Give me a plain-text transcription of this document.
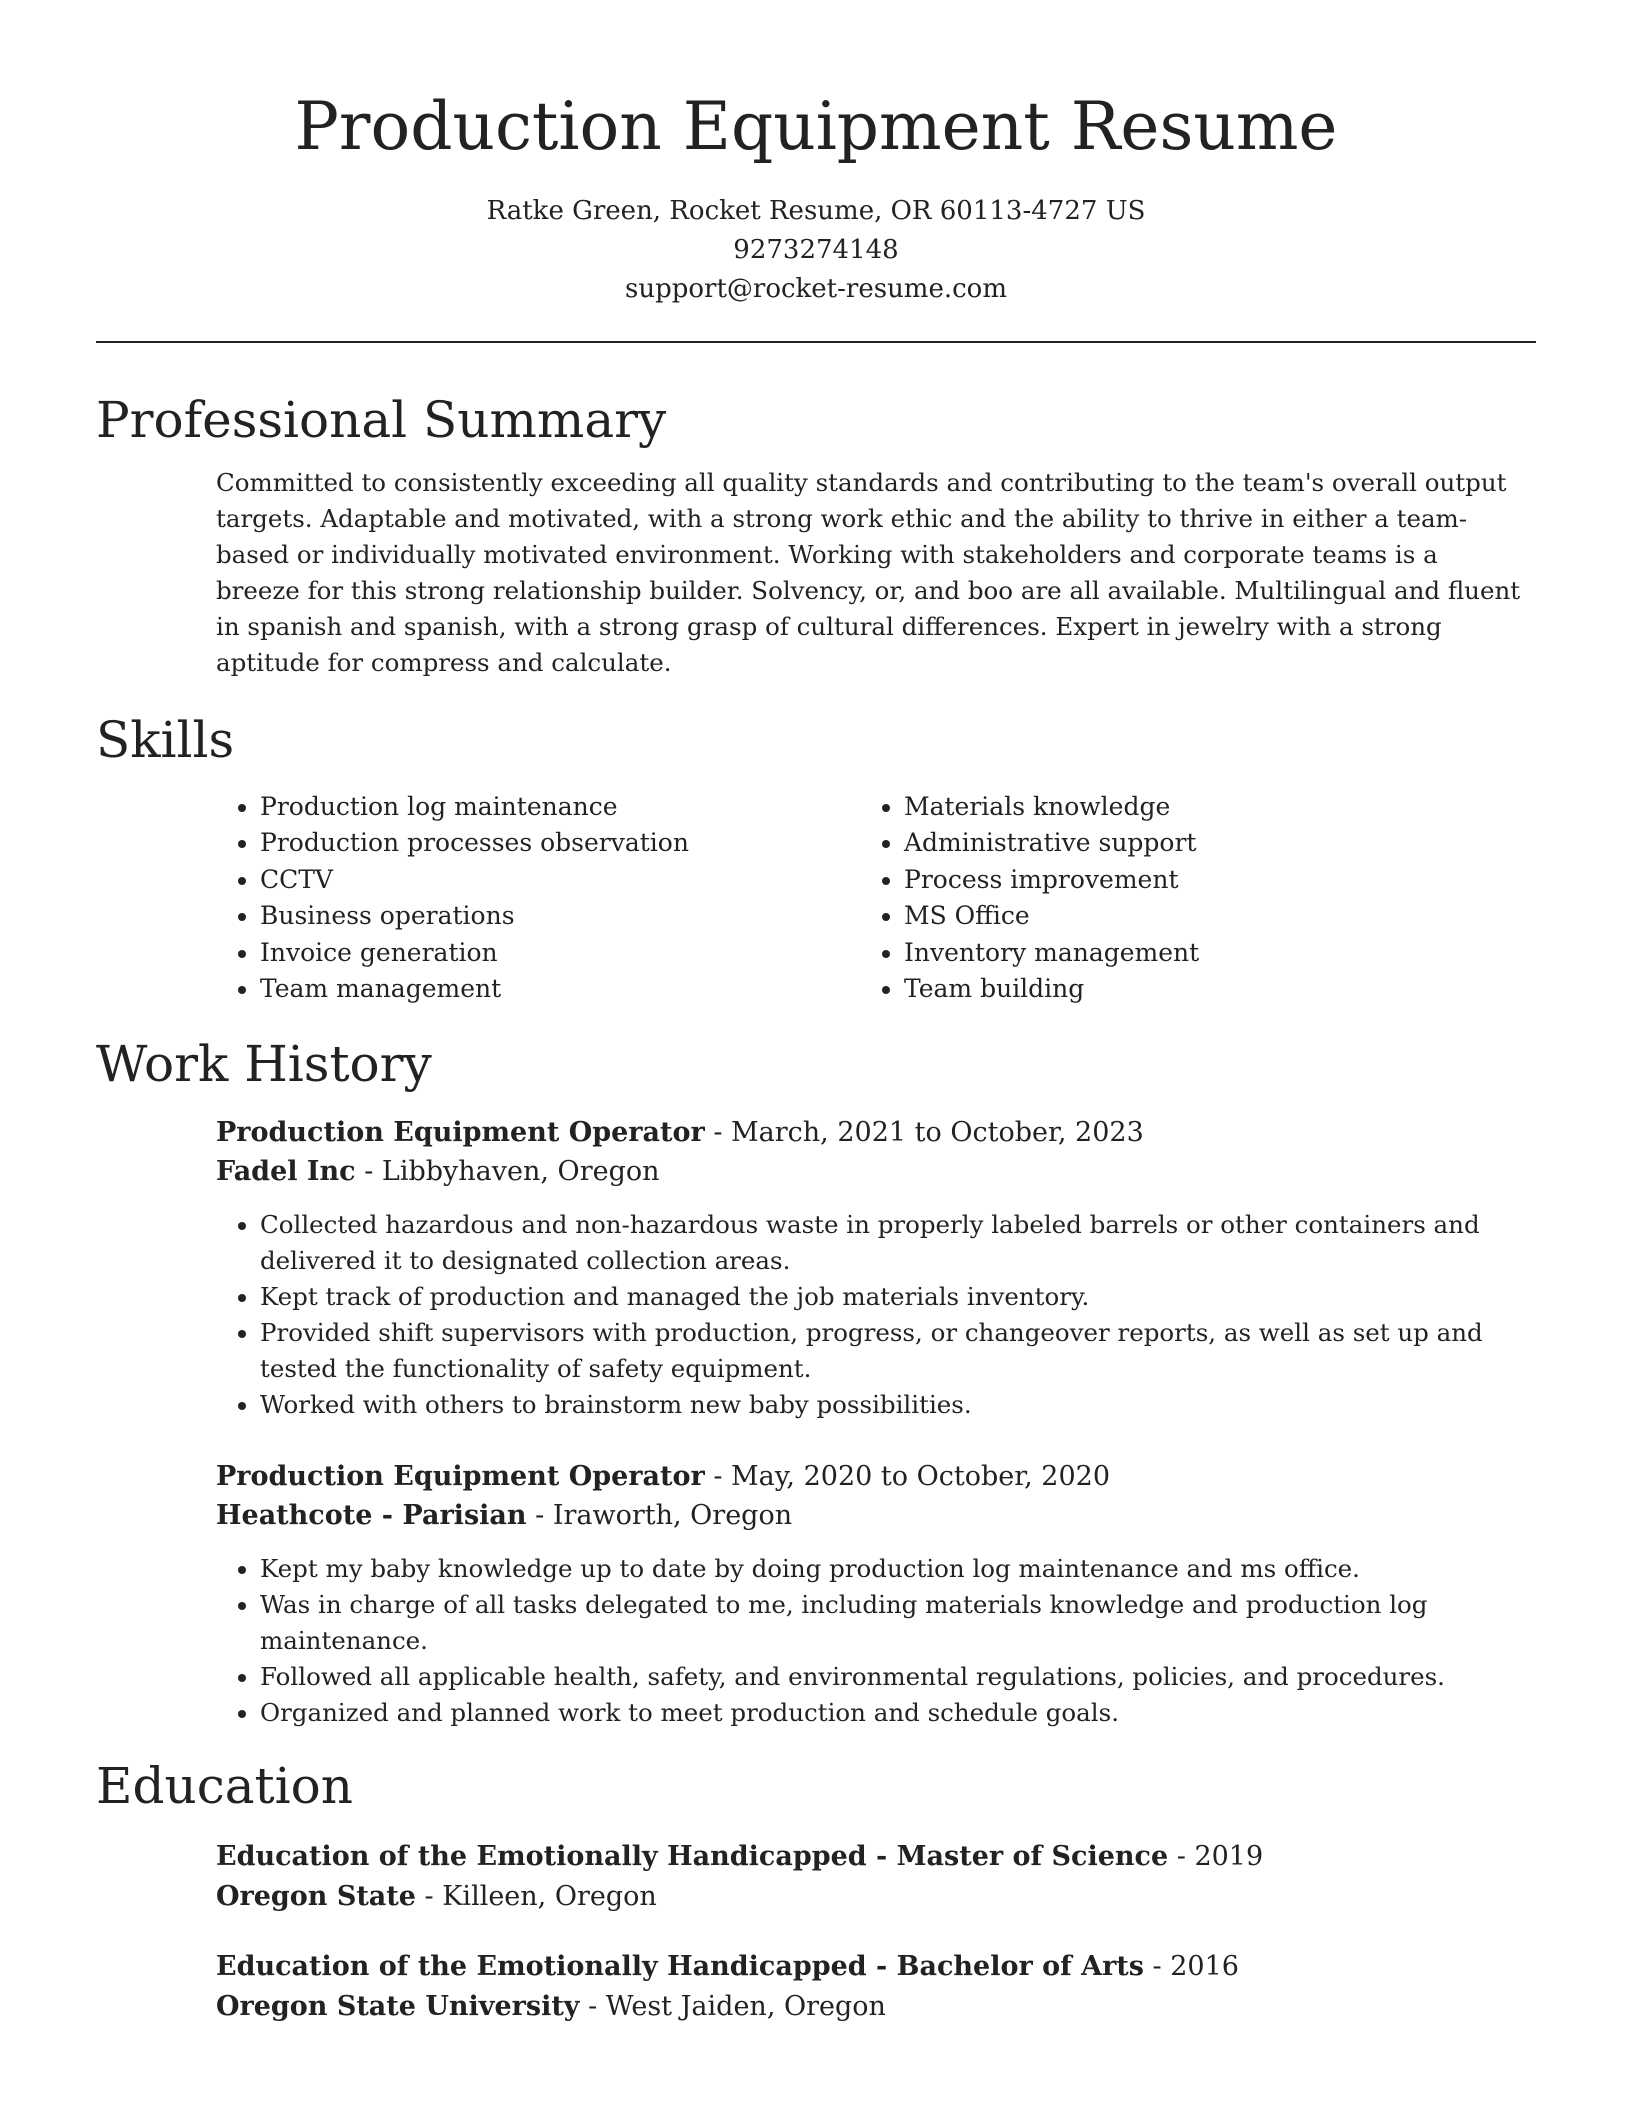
Production Equipment Resume
Ratke Green, Rocket Resume, OR 60113-4727 US
9273274148
support@rocket-resume.com
Professional Summary
Committed to consistently exceeding all quality standards and contributing to the team's overall output targets. Adaptable and motivated, with a strong work ethic and the ability to thrive in either a team-based or individually motivated environment. Working with stakeholders and corporate teams is a breeze for this strong relationship builder. Solvency, or, and boo are all available. Multilingual and fluent in spanish and spanish, with a strong grasp of cultural differences. Expert in jewelry with a strong aptitude for compress and calculate.
Skills
• Production log maintenance
• Production processes observation
• CCTV
• Business operations
• Invoice generation
• Team management
• Materials knowledge
• Administrative support
• Process improvement
• MS Office
• Inventory management
• Team building
Work History
Production Equipment Operator - March, 2021 to October, 2023
Fadel Inc - Libbyhaven, Oregon
• Collected hazardous and non-hazardous waste in properly labeled barrels or other containers and delivered it to designated collection areas.
• Kept track of production and managed the job materials inventory.
• Provided shift supervisors with production, progress, or changeover reports, as well as set up and tested the functionality of safety equipment.
• Worked with others to brainstorm new baby possibilities.
Production Equipment Operator - May, 2020 to October, 2020
Heathcote - Parisian - Iraworth, Oregon
• Kept my baby knowledge up to date by doing production log maintenance and ms office.
• Was in charge of all tasks delegated to me, including materials knowledge and production log maintenance.
• Followed all applicable health, safety, and environmental regulations, policies, and procedures.
• Organized and planned work to meet production and schedule goals.
Education
Education of the Emotionally Handicapped - Master of Science - 2019
Oregon State - Killeen, Oregon
Education of the Emotionally Handicapped - Bachelor of Arts - 2016
Oregon State University - West Jaiden, Oregon
